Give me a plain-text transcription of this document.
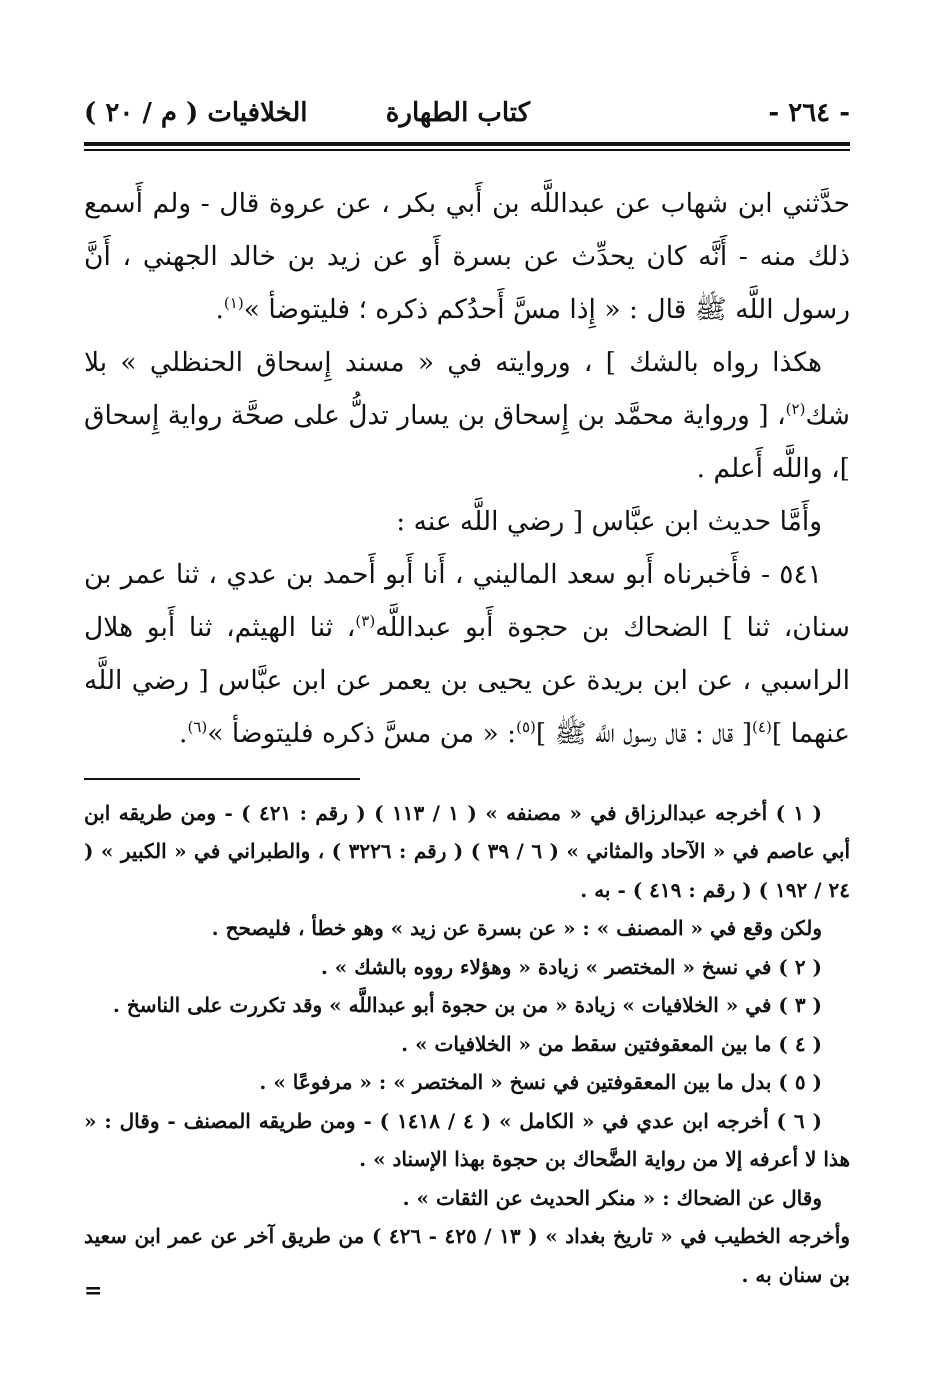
- ٢٦٤ -
كتاب الطهارة
الخلافيات ( م / ٢٠ )

حدَّثني ابن شهاب عن عبداللَّه بن أَبي بكر ، عن عروة قال - ولم أَسمع ذلك منه - أَنَّه كان يحدِّث عن بسرة أَو عن زيد بن خالد الجهني ، أَنَّ رسول اللَّه ﷺ قال : « إِذا مسَّ أَحدُكم ذكره ؛ فليتوضأ »$^{(١)}$.

هكذا رواه بالشك ] ، وروايته في « مسند إِسحاق الحنظلي » بلا شك$^{(٢)}$، [ ورواية محمَّد بن إِسحاق بن يسار تدلُّ على صحَّة رواية إِسحاق ]، واللَّه أَعلم .

وأَمَّا حديث ابن عبَّاس [ رضي اللَّه عنه :

٥٤١ - فأَخبرناه أَبو سعد الماليني ، أَنا أَبو أَحمد بن عدي ، ثنا عمر بن سنان، ثنا ] الضحاك بن حجوة أَبو عبداللَّه$^{(٣)}$، ثنا الهيثم، ثنا أَبو هلال الراسبي ، عن ابن بريدة عن يحيى بن يعمر عن ابن عبَّاس [ رضي اللَّه عنهما ]$^{(٤)}$[ قال : قال رسول اللَّه ﷺ ]$^{(٥)}$: « من مسَّ ذكره فليتوضأ »$^{(٦)}$.

( ١ ) أخرجه عبدالرزاق في « مصنفه » ( ١ / ١١٣ ) ( رقم : ٤٢١ ) - ومن طريقه ابن أبي عاصم في « الآحاد والمثاني » ( ٦ / ٣٩ ) ( رقم : ٣٢٢٦ ) ، والطبراني في « الكبير » ( ٢٤ / ١٩٢ ) ( رقم : ٤١٩ ) - به .

ولكن وقع في « المصنف » : « عن بسرة عن زيد » وهو خطأ ، فليصحح .

( ٢ ) في نسخ « المختصر » زيادة « وهؤلاء رووه بالشك » .

( ٣ ) في « الخلافيات » زيادة « من بن حجوة أبو عبداللَّه » وقد تكررت على الناسخ .

( ٤ ) ما بين المعقوفتين سقط من « الخلافيات » .

( ٥ ) بدل ما بين المعقوفتين في نسخ « المختصر » : « مرفوعًا » .

( ٦ ) أخرجه ابن عدي في « الكامل » ( ٤ / ١٤١٨ ) - ومن طريقه المصنف - وقال : « هذا لا أعرفه إلا من رواية الضَّحاك بن حجوة بهذا الإسناد » .

وقال عن الضحاك : « منكر الحديث عن الثقات » .

وأخرجه الخطيب في « تاريخ بغداد » ( ١٣ / ٤٢٥ - ٤٢٦ ) من طريق آخر عن عمر ابن سعيد بن سنان به .

=
